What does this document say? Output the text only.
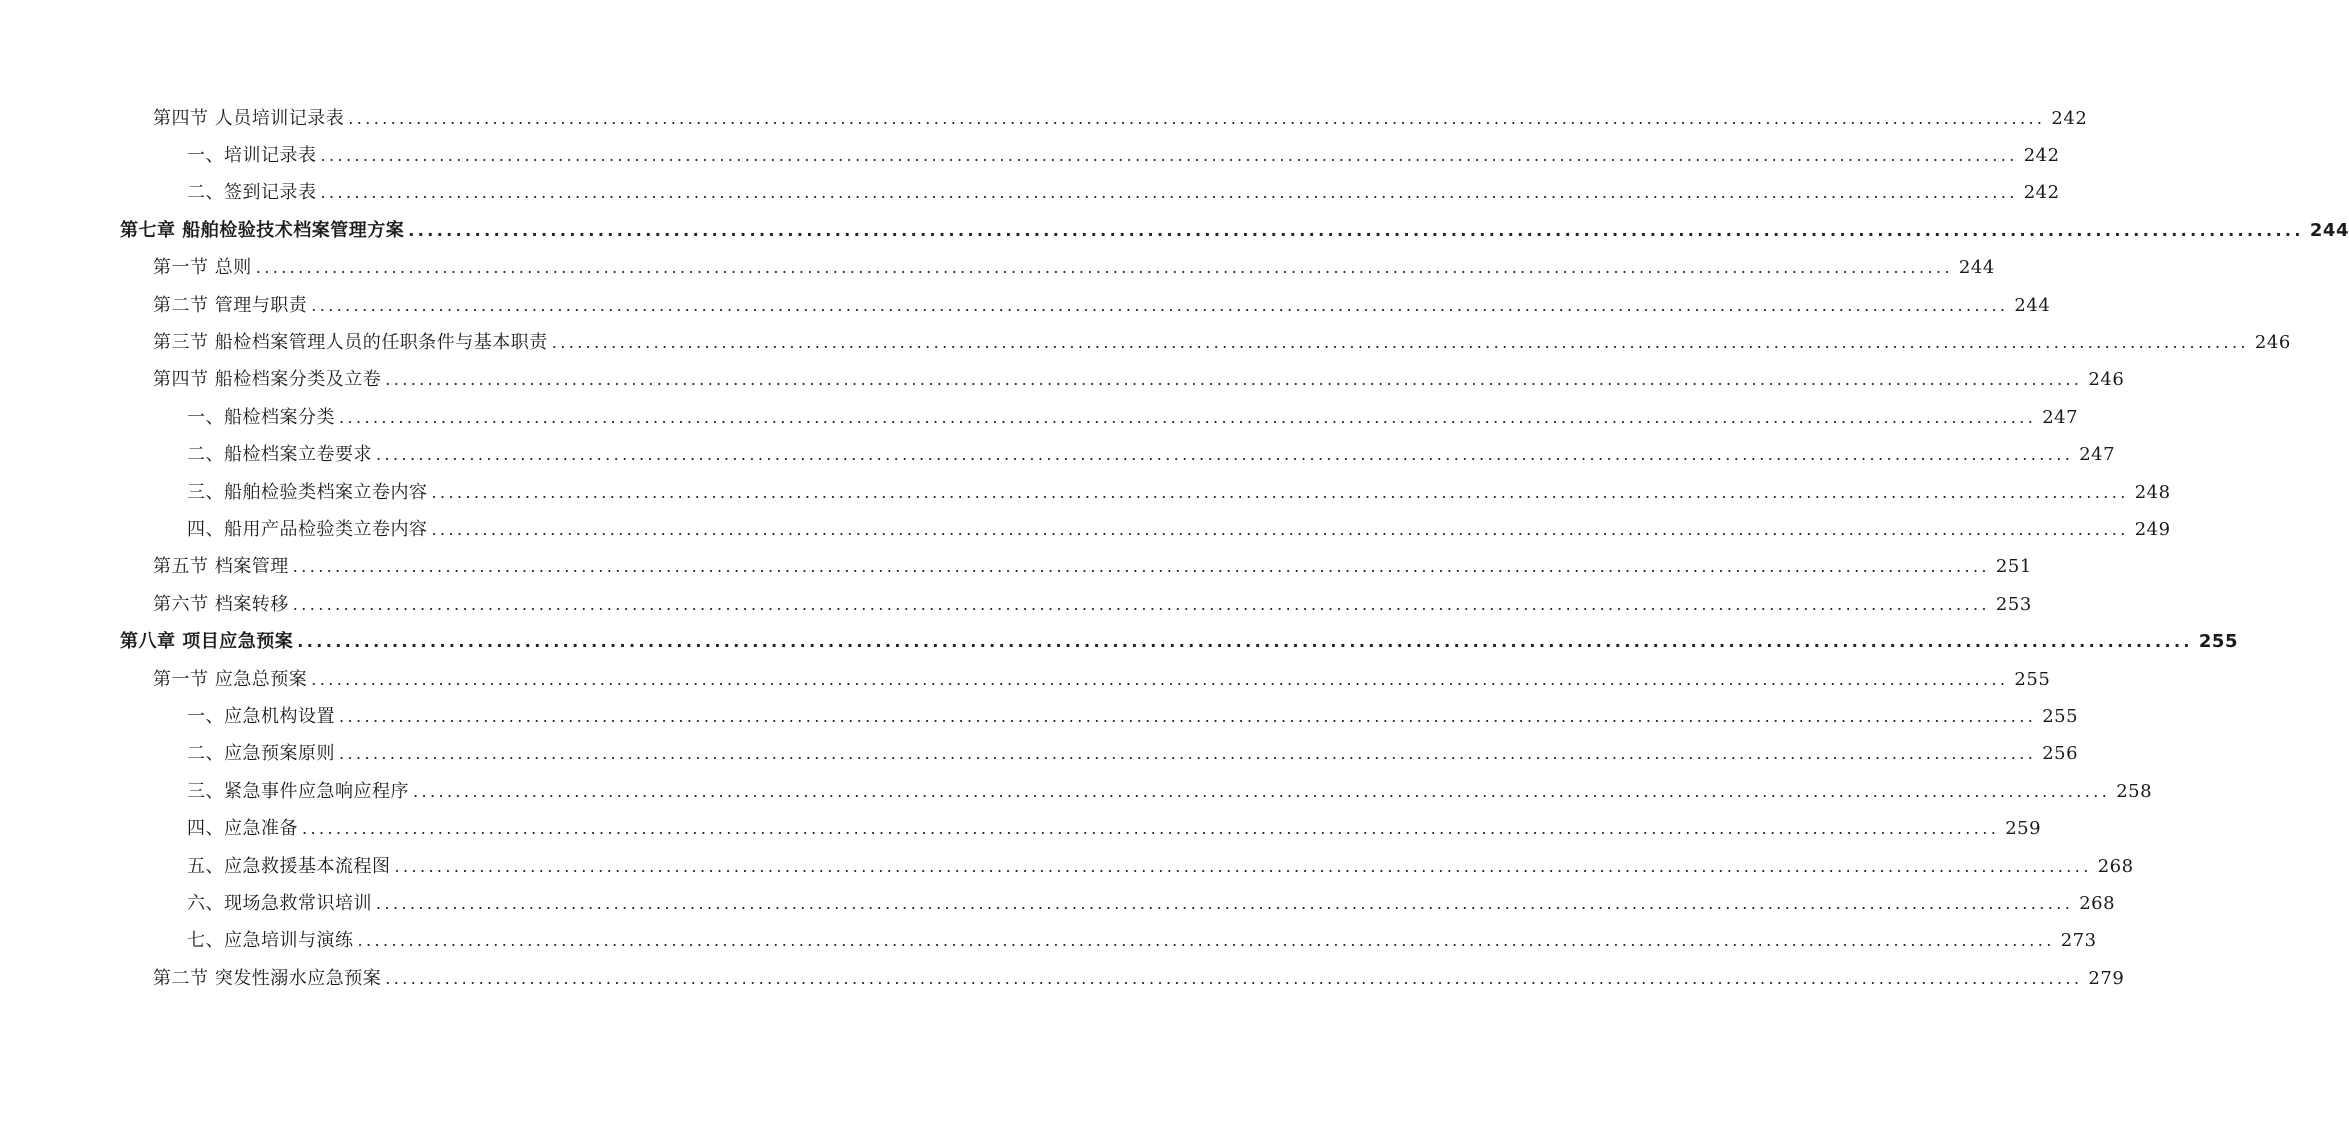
第四节 人员培训记录表 ........................................................................................................................................................................................................ 242
一、培训记录表 ........................................................................................................................................................................................................ 242
二、签到记录表 ........................................................................................................................................................................................................ 242
第七章 船舶检验技术档案管理方案 ........................................................................................................................................................................................................ 244
第一节 总则 ........................................................................................................................................................................................................ 244
第二节 管理与职责 ........................................................................................................................................................................................................ 244
第三节 船检档案管理人员的任职条件与基本职责 ........................................................................................................................................................................................................ 246
第四节 船检档案分类及立卷 ........................................................................................................................................................................................................ 246
一、船检档案分类 ........................................................................................................................................................................................................ 247
二、船检档案立卷要求 ........................................................................................................................................................................................................ 247
三、船舶检验类档案立卷内容 ........................................................................................................................................................................................................ 248
四、船用产品检验类立卷内容 ........................................................................................................................................................................................................ 249
第五节 档案管理 ........................................................................................................................................................................................................ 251
第六节 档案转移 ........................................................................................................................................................................................................ 253
第八章 项目应急预案 ........................................................................................................................................................................................................ 255
第一节 应急总预案 ........................................................................................................................................................................................................ 255
一、应急机构设置 ........................................................................................................................................................................................................ 255
二、应急预案原则 ........................................................................................................................................................................................................ 256
三、紧急事件应急响应程序 ........................................................................................................................................................................................................ 258
四、应急准备 ........................................................................................................................................................................................................ 259
五、应急救援基本流程图 ........................................................................................................................................................................................................ 268
六、现场急救常识培训 ........................................................................................................................................................................................................ 268
七、应急培训与演练 ........................................................................................................................................................................................................ 273
第二节 突发性溺水应急预案 ........................................................................................................................................................................................................ 279
